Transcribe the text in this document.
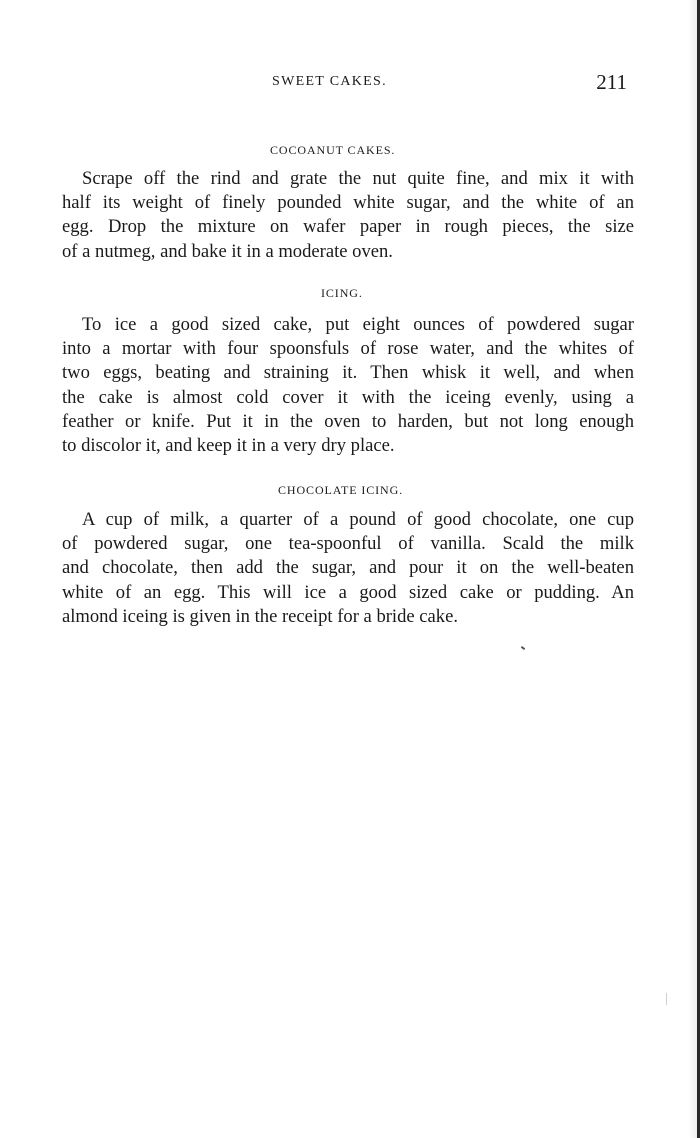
SWEET CAKES.	211
COCOANUT CAKES.
Scrape off the rind and grate the nut quite fine, and mix it with
half its weight of finely pounded white sugar, and the white of an
egg. Drop the mixture on wafer paper in rough pieces, the size
of a nutmeg, and bake it in a moderate oven.
ICING.
To ice a good sized cake, put eight ounces of powdered sugar
into a mortar with four spoonsfuls of rose water, and the whites of
two eggs, beating and straining it. Then whisk it well, and when
the cake is almost cold cover it with the iceing evenly, using a
feather or knife. Put it in the oven to harden, but not long enough
to discolor it, and keep it in a very dry place.
CHOCOLATE ICING.
A cup of milk, a quarter of a pound of good chocolate, one cup
of powdered sugar, one tea-spoonful of vanilla. Scald the milk
and chocolate, then add the sugar, and pour it on the well-beaten
white of an egg. This will ice a good sized cake or pudding. An
almond iceing is given in the receipt for a bride cake.
